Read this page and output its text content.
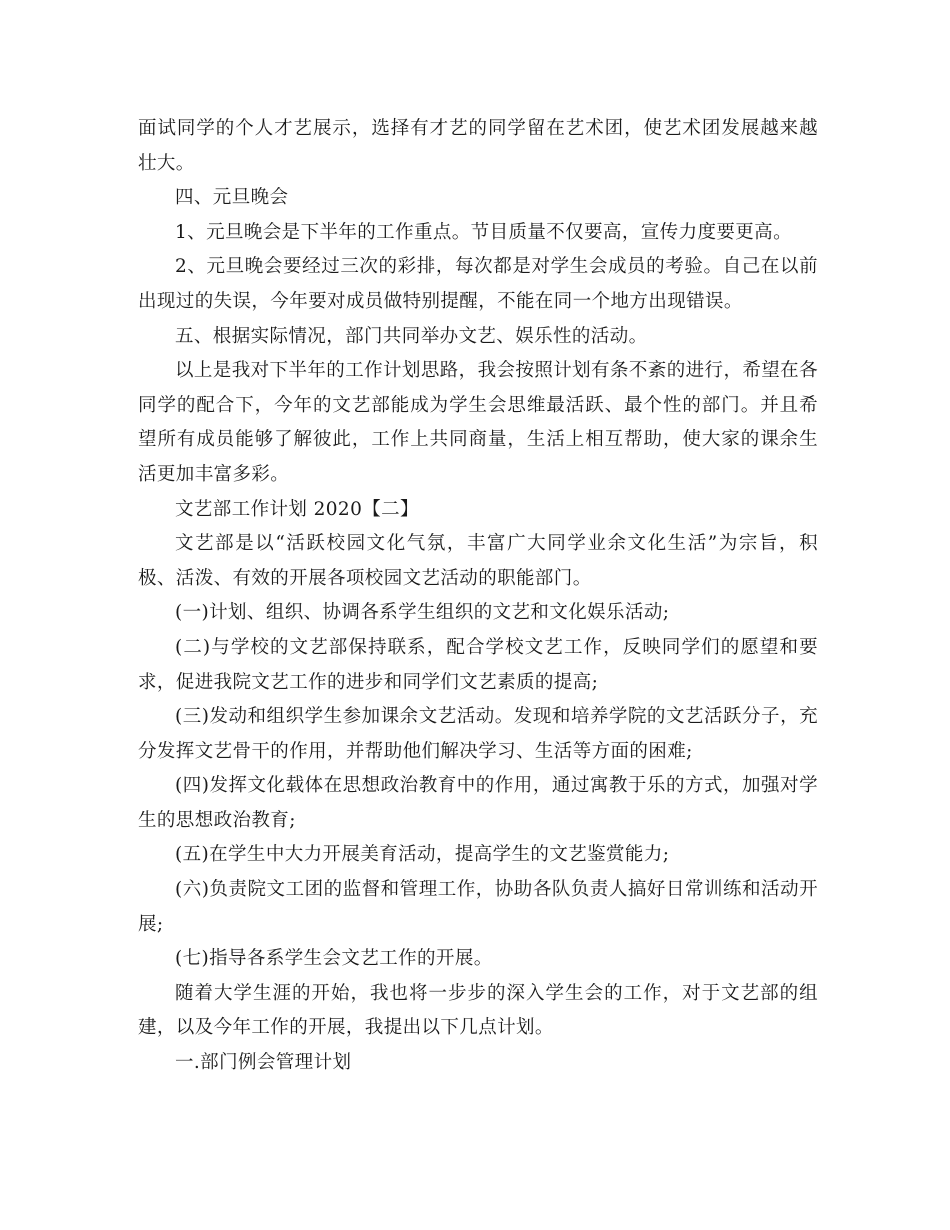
面试同学的个人才艺展示，选择有才艺的同学留在艺术团，使艺术团发展越来越壮大。

四、元旦晚会

1、元旦晚会是下半年的工作重点。节目质量不仅要高，宣传力度要更高。

2、元旦晚会要经过三次的彩排，每次都是对学生会成员的考验。自己在以前出现过的失误，今年要对成员做特别提醒，不能在同一个地方出现错误。

五、根据实际情况，部门共同举办文艺、娱乐性的活动。

以上是我对下半年的工作计划思路，我会按照计划有条不紊的进行，希望在各同学的配合下，今年的文艺部能成为学生会思维最活跃、最个性的部门。并且希望所有成员能够了解彼此，工作上共同商量，生活上相互帮助，使大家的课余生活更加丰富多彩。

文艺部工作计划 2020【二】

文艺部是以“活跃校园文化气氛，丰富广大同学业余文化生活”为宗旨，积极、活泼、有效的开展各项校园文艺活动的职能部门。

(一)计划、组织、协调各系学生组织的文艺和文化娱乐活动;

(二)与学校的文艺部保持联系，配合学校文艺工作，反映同学们的愿望和要求，促进我院文艺工作的进步和同学们文艺素质的提高;

(三)发动和组织学生参加课余文艺活动。发现和培养学院的文艺活跃分子，充分发挥文艺骨干的作用，并帮助他们解决学习、生活等方面的困难;

(四)发挥文化载体在思想政治教育中的作用，通过寓教于乐的方式，加强对学生的思想政治教育;

(五)在学生中大力开展美育活动，提高学生的文艺鉴赏能力;

(六)负责院文工团的监督和管理工作，协助各队负责人搞好日常训练和活动开展;

(七)指导各系学生会文艺工作的开展。

随着大学生涯的开始，我也将一步步的深入学生会的工作，对于文艺部的组建，以及今年工作的开展，我提出以下几点计划。

一.部门例会管理计划
